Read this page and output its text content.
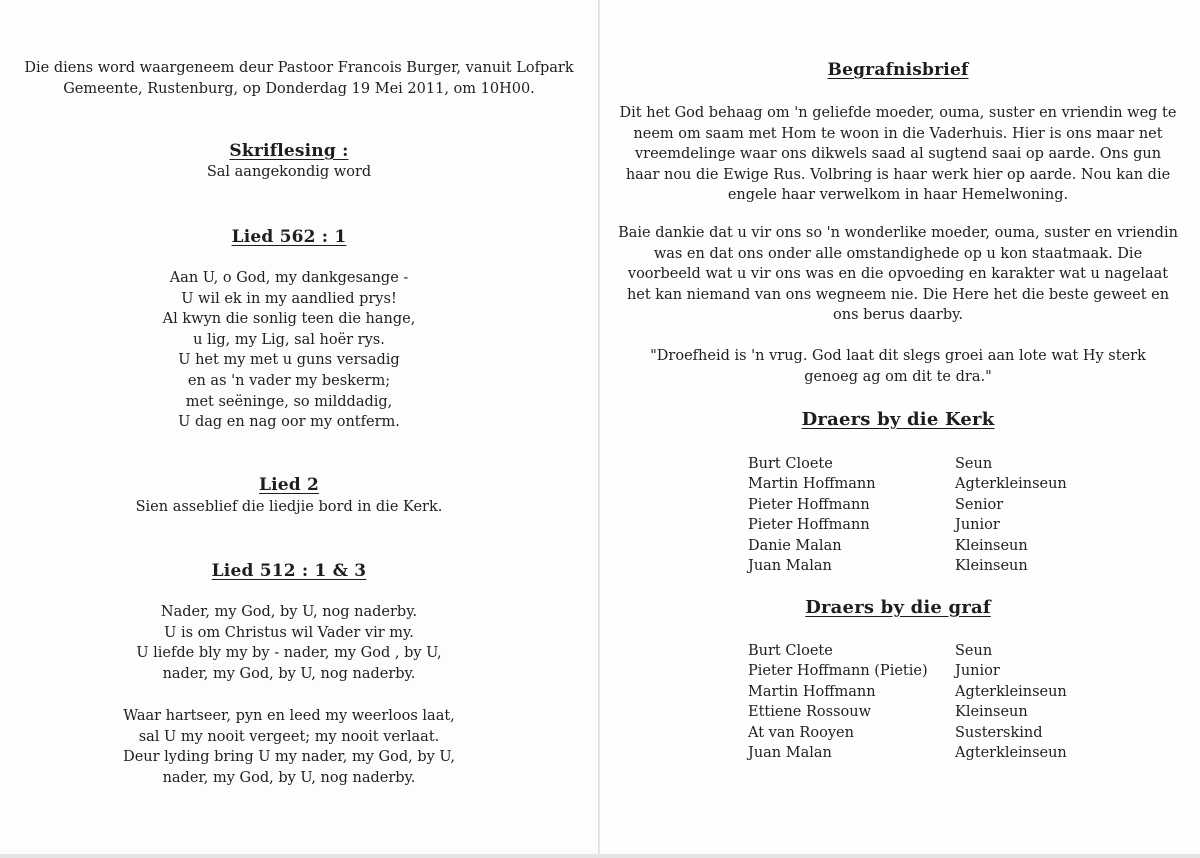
Die diens word waargeneem deur Pastoor Francois Burger, vanuit Lofpark
Gemeente, Rustenburg, op Donderdag 19 Mei 2011, om 10H00.
Skriflesing :
Sal aangekondig word
Lied 562 : 1
Aan U, o God, my dankgesange -
U wil ek in my aandlied prys!
Al kwyn die sonlig teen die hange,
u lig, my Lig, sal hoër rys.
U het my met u guns versadig
en as 'n vader my beskerm;
met seëninge, so milddadig,
U dag en nag oor my ontferm.
Lied 2
Sien asseblief die liedjie bord in die Kerk.
Lied 512 : 1 & 3
Nader, my God, by U, nog naderby.
U is om Christus wil Vader vir my.
U liefde bly my by - nader, my God , by U,
nader, my God, by U, nog naderby.
Waar hartseer, pyn en leed my weerloos laat,
sal U my nooit vergeet; my nooit verlaat.
Deur lyding bring U my nader, my God, by U,
nader, my God, by U, nog naderby.
Begrafnisbrief
Dit het God behaag om 'n geliefde moeder, ouma, suster en vriendin weg te
neem om saam met Hom te woon in die Vaderhuis. Hier is ons maar net
vreemdelinge waar ons dikwels saad al sugtend saai op aarde. Ons gun
haar nou die Ewige Rus. Volbring is haar werk hier op aarde. Nou kan die
engele haar verwelkom in haar Hemelwoning.
Baie dankie dat u vir ons so 'n wonderlike moeder, ouma, suster en vriendin
was en dat ons onder alle omstandighede op u kon staatmaak. Die
voorbeeld wat u vir ons was en die opvoeding en karakter wat u nagelaat
het kan niemand van ons wegneem nie. Die Here het die beste geweet en
ons berus daarby.
"Droefheid is 'n vrug. God laat dit slegs groei aan lote wat Hy sterk
genoeg ag om dit te dra."
Draers by die Kerk
Burt Cloete	Seun
Martin Hoffmann	Agterkleinseun
Pieter Hoffmann	Senior
Pieter Hoffmann	Junior
Danie Malan	Kleinseun
Juan Malan	Kleinseun
Draers by die graf
Burt Cloete	Seun
Pieter Hoffmann (Pietie) Junior
Martin Hoffmann	Agterkleinseun
Ettiene Rossouw	Kleinseun
At van Rooyen	Susterskind
Juan Malan	Agterkleinseun
